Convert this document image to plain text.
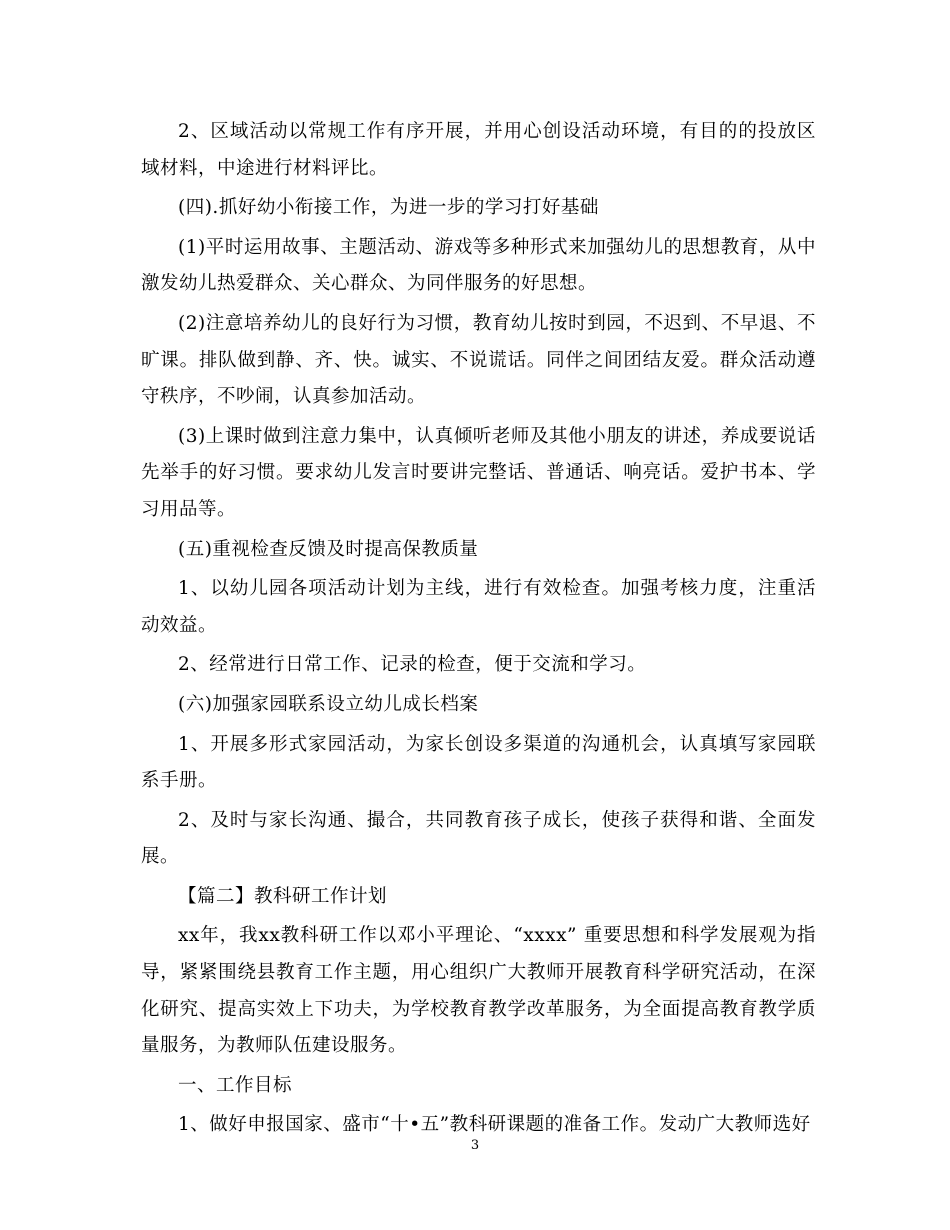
2、区域活动以常规工作有序开展，并用心创设活动环境，有目的的投放区域材料，中途进行材料评比。

(四).抓好幼小衔接工作，为进一步的学习打好基础

(1)平时运用故事、主题活动、游戏等多种形式来加强幼儿的思想教育，从中激发幼儿热爱群众、关心群众、为同伴服务的好思想。

(2)注意培养幼儿的良好行为习惯，教育幼儿按时到园，不迟到、不早退、不旷课。排队做到静、齐、快。诚实、不说谎话。同伴之间团结友爱。群众活动遵守秩序，不吵闹，认真参加活动。

(3)上课时做到注意力集中，认真倾听老师及其他小朋友的讲述，养成要说话先举手的好习惯。要求幼儿发言时要讲完整话、普通话、响亮话。爱护书本、学习用品等。

(五)重视检查反馈及时提高保教质量

1、以幼儿园各项活动计划为主线，进行有效检查。加强考核力度，注重活动效益。

2、经常进行日常工作、记录的检查，便于交流和学习。

(六)加强家园联系设立幼儿成长档案

1、开展多形式家园活动，为家长创设多渠道的沟通机会，认真填写家园联系手册。

2、及时与家长沟通、撮合，共同教育孩子成长，使孩子获得和谐、全面发展。

【篇二】教科研工作计划

xx年，我xx教科研工作以邓小平理论、“xxxx” 重要思想和科学发展观为指导，紧紧围绕县教育工作主题，用心组织广大教师开展教育科学研究活动，在深化研究、提高实效上下功夫，为学校教育教学改革服务，为全面提高教育教学质量服务，为教师队伍建设服务。

一、工作目标

1、做好申报国家、盛市“十•五”教科研课题的准备工作。发动广大教师选好

3
